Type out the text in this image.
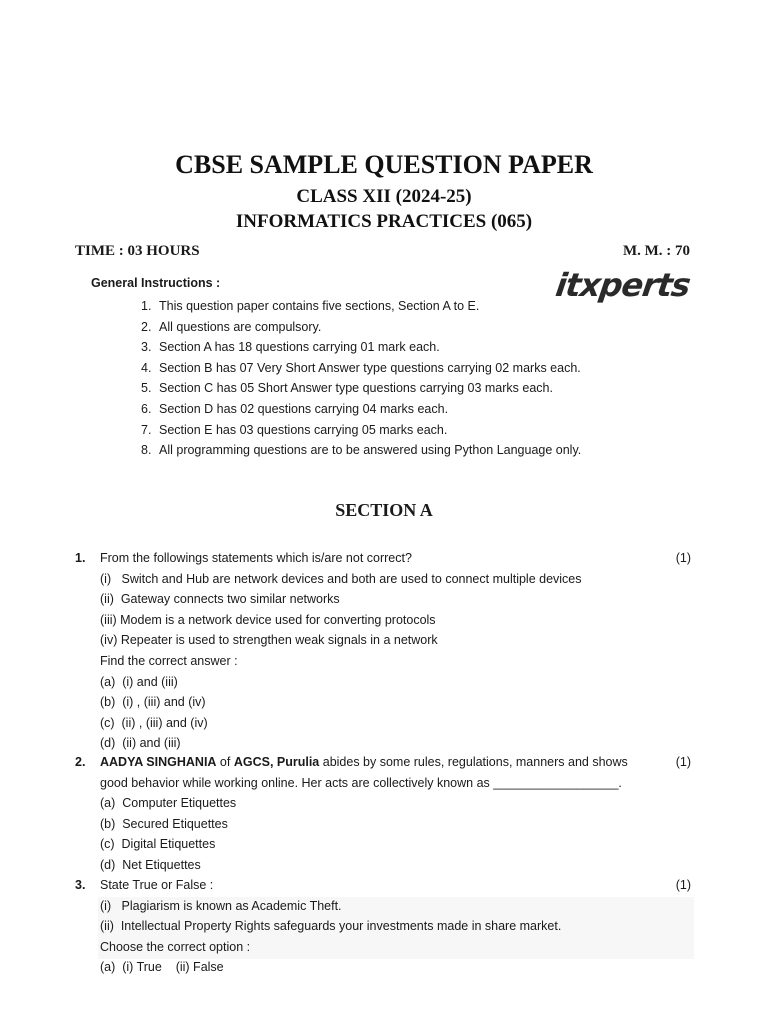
CBSE SAMPLE QUESTION PAPER
CLASS XII (2024-25)
INFORMATICS PRACTICES (065)
TIME : 03 HOURS	M. M. : 70
itxperts
General Instructions :
1. This question paper contains five sections, Section A to E.
2. All questions are compulsory.
3. Section A has 18 questions carrying 01 mark each.
4. Section B has 07 Very Short Answer type questions carrying 02 marks each.
5. Section C has 05 Short Answer type questions carrying 03 marks each.
6. Section D has 02 questions carrying 04 marks each.
7. Section E has 03 questions carrying 05 marks each.
8. All programming questions are to be answered using Python Language only.
SECTION A
1.	(1)
From the followings statements which is/are not correct?
(i)   Switch and Hub are network devices and both are used to connect multiple devices
(ii)  Gateway connects two similar networks
(iii) Modem is a network device used for converting protocols
(iv) Repeater is used to strengthen weak signals in a network
Find the correct answer :
(a)  (i) and (iii)
(b)  (i) , (iii) and (iv)
(c)  (ii) , (iii) and (iv)
(d)  (ii) and (iii)
2.	(1)
AADYA SINGHANIA of AGCS, Purulia abides by some rules, regulations, manners and shows
good behavior while working online. Her acts are collectively known as __________________.
(a)  Computer Etiquettes
(b)  Secured Etiquettes
(c)  Digital Etiquettes
(d)  Net Etiquettes
3.	(1)
State True or False :
(i)   Plagiarism is known as Academic Theft.
(ii)  Intellectual Property Rights safeguards your investments made in share market.
Choose the correct option :
(a)  (i) True    (ii) False
